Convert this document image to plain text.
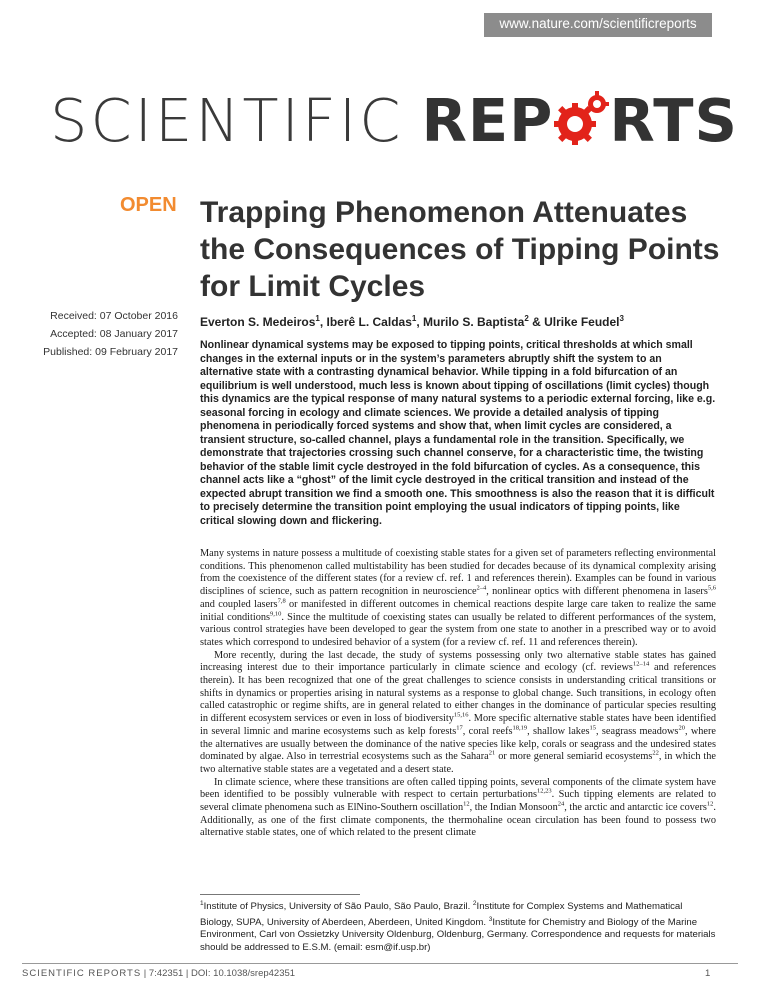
www.nature.com/scientificreports
SCIENTIFIC REP RTS
OPEN Trapping Phenomenon Attenuates the Consequences of Tipping Points for Limit Cycles
Received: 07 October 2016
Accepted: 08 January 2017
Published: 09 February 2017
Everton S. Medeiros$^1$, Iberê L. Caldas$^1$, Murilo S. Baptista$^2$ & Ulrike Feudel$^3$
Nonlinear dynamical systems may be exposed to tipping points, critical thresholds at which small changes in the external inputs or in the system’s parameters abruptly shift the system to an alternative state with a contrasting dynamical behavior. While tipping in a fold bifurcation of an equilibrium is well understood, much less is known about tipping of oscillations (limit cycles) though this dynamics are the typical response of many natural systems to a periodic external forcing, like e.g. seasonal forcing in ecology and climate sciences. We provide a detailed analysis of tipping phenomena in periodically forced systems and show that, when limit cycles are considered, a transient structure, so-called channel, plays a fundamental role in the transition. Specifically, we demonstrate that trajectories crossing such channel conserve, for a characteristic time, the twisting behavior of the stable limit cycle destroyed in the fold bifurcation of cycles. As a consequence, this channel acts like a “ghost” of the limit cycle destroyed in the critical transition and instead of the expected abrupt transition we find a smooth one. This smoothness is also the reason that it is difficult to precisely determine the transition point employing the usual indicators of tipping points, like critical slowing down and flickering.

Many systems in nature possess a multitude of coexisting stable states for a given set of parameters reflecting environmental conditions. This phenomenon called multistability has been studied for decades because of its dynamical complexity arising from the coexistence of the different states (for a review cf. ref. 1 and references therein). Examples can be found in various disciplines of science, such as pattern recognition in neuroscience$^{2-4}$, nonlinear optics with different phenomena in lasers$^{5,6}$ and coupled lasers$^{7,8}$ or manifested in different outcomes in chemical reactions despite large care taken to realize the same initial conditions$^{9,10}$. Since the multitude of coexisting states can usually be related to different performances of the system, various control strategies have been developed to gear the system from one state to another in a prescribed way or to avoid states which correspond to undesired behavior of a system (for a review cf. ref. 11 and references therein).

More recently, during the last decade, the study of systems possessing only two alternative stable states has gained increasing interest due to their importance particularly in climate science and ecology (cf. reviews$^{12-14}$ and references therein). It has been recognized that one of the great challenges to science consists in understanding critical transitions or shifts in dynamics or properties arising in natural systems as a response to global change. Such transitions, in ecology often called catastrophic or regime shifts, are in general related to either changes in the dominance of particular species resulting in different ecosystem services or even in loss of biodiversity$^{15,16}$. More specific alternative stable states have been identified in several limnic and marine ecosystems such as kelp forests$^{17}$, coral reefs$^{18,19}$, shallow lakes$^{15}$, seagrass meadows$^{20}$, where the alternatives are usually between the dominance of the native species like kelp, corals or seagrass and the undesired states dominated by algae. Also in terrestrial ecosystems such as the Sahara$^{21}$ or more general semiarid ecosystems$^{22}$, in which the two alternative stable states are a vegetated and a desert state.

In climate science, where these transitions are often called tipping points, several components of the climate system have been identified to be possibly vulnerable with respect to certain perturbations$^{12,23}$. Such tipping elements are related to several climate phenomena such as ElNino-Southern oscillation$^{12}$, the Indian Monsoon$^{24}$, the arctic and antarctic ice covers$^{12}$. Additionally, as one of the first climate components, the thermohaline ocean circulation has been found to possess two alternative stable states, one of which related to the present climate

$^1$Institute of Physics, University of São Paulo, São Paulo, Brazil. $^2$Institute for Complex Systems and Mathematical Biology, SUPA, University of Aberdeen, Aberdeen, United Kingdom. $^3$Institute for Chemistry and Biology of the Marine Environment, Carl von Ossietzky University Oldenburg, Oldenburg, Germany. Correspondence and requests for materials should be addressed to E.S.M. (email: esm@if.usp.br)
SCIENTIFIC REPORTS | 7:42351 | DOI: 10.1038/srep42351	1
